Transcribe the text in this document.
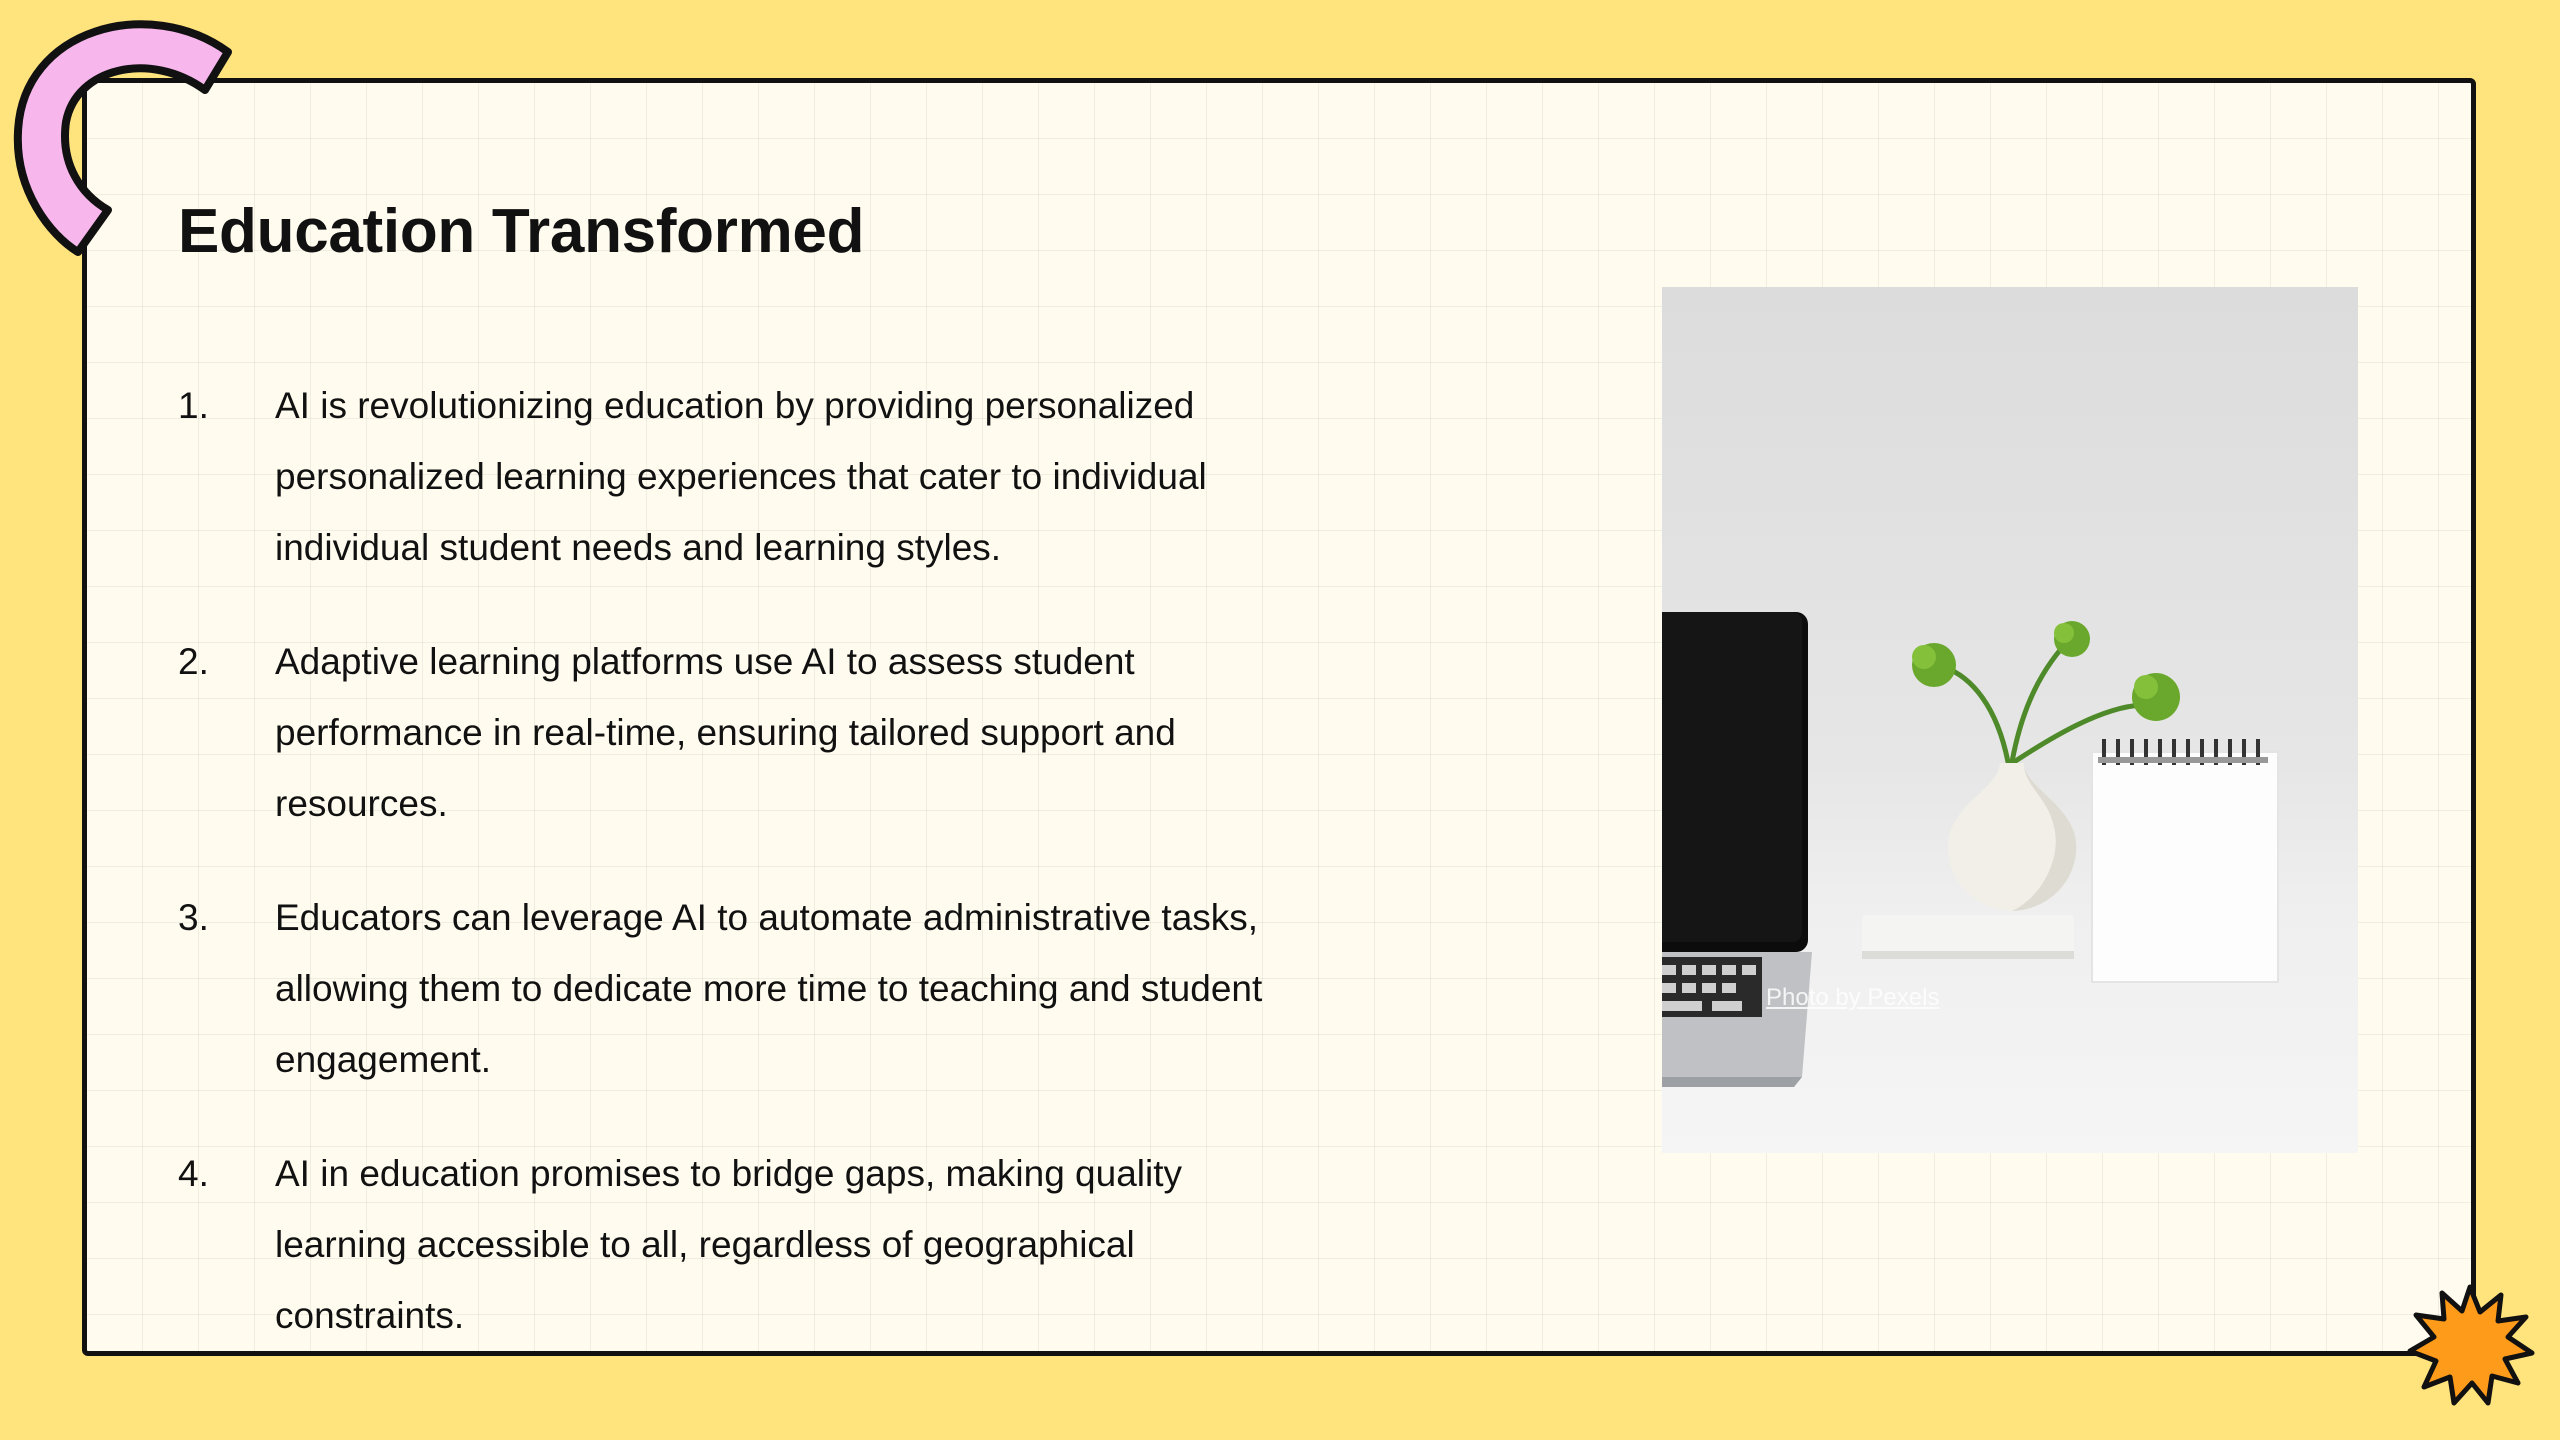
Education Transformed
1.	AI is revolutionizing education by providing personalized personalized learning experiences that cater to individual individual student needs and learning styles.
2.	Adaptive learning platforms use AI to assess student performance in real-time, ensuring tailored support and resources.
3.	Educators can leverage AI to automate administrative tasks, allowing them to dedicate more time to teaching and student engagement.
4.	AI in education promises to bridge gaps, making quality learning accessible to all, regardless of geographical constraints.
Photo by Pexels
